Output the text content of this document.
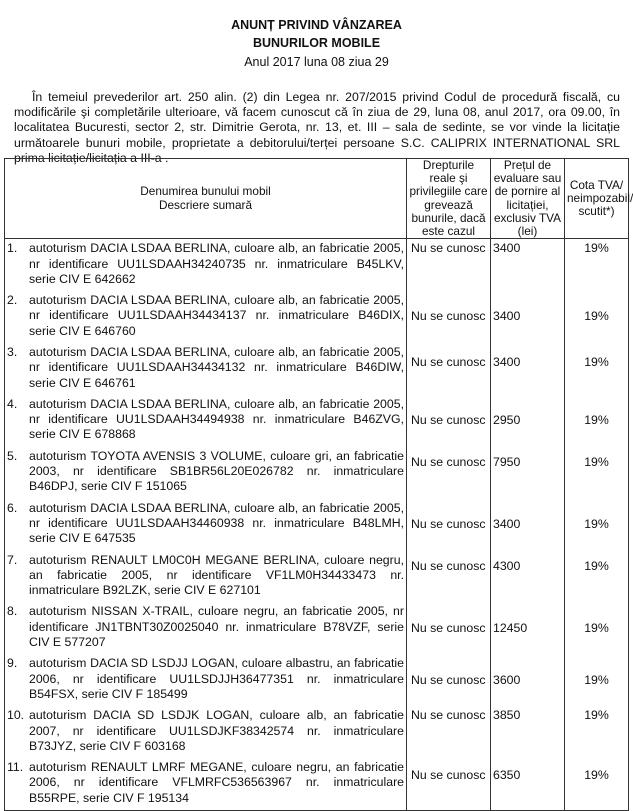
ANUNȚ PRIVIND VÂNZAREA
BUNURILOR MOBILE
Anul 2017 luna 08 ziua 29
În temeiul prevederilor art. 250 alin. (2) din Legea nr. 207/2015 privind Codul de procedură fiscală, cu modificările şi completările ulterioare, vă facem cunoscut că în ziua de 29, luna 08, anul 2017, ora 09.00, în localitatea Bucuresti, sector 2, str. Dimitrie Gerota, nr. 13, et. III – sala de sedinte, se vor vinde la licitație următoarele bunuri mobile, proprietate a debitorului/terței persoane S.C. CALIPRIX INTERNATIONAL SRL prima licitație/licitația a III-a .
Denumirea bunului mobil
Descriere sumară	Drepturile reale şi privilegiile care grevează bunurile, dacă este cazul	Prețul de evaluare sau de pornire al licitației, exclusiv TVA (lei)	Cota TVA/ neimpozabil/ scutit*)

1. autoturism DACIA LSDAA BERLINA, culoare alb, an fabricatie 2005, nr identificare UU1LSDAAH34240735 nr. inmatriculare B45LKV, serie CIV E 642662	Nu se cunosc	3400	19%

2. autoturism DACIA LSDAA BERLINA, culoare alb, an fabricatie 2005, nr identificare UU1LSDAAH34434137 nr. inmatriculare B46DIX, serie CIV E 646760	Nu se cunosc	3400	19%

3. autoturism DACIA LSDAA BERLINA, culoare alb, an fabricatie 2005, nr identificare UU1LSDAAH34434132 nr. inmatriculare B46DIW, serie CIV E 646761	Nu se cunosc	3400	19%

4. autoturism DACIA LSDAA BERLINA, culoare alb, an fabricatie 2005, nr identificare UU1LSDAAH34494938 nr. inmatriculare B46ZVG, serie CIV E 678868	Nu se cunosc	2950	19%

5. autoturism TOYOTA AVENSIS 3 VOLUME, culoare gri, an fabricatie 2003, nr identificare SB1BR56L20E026782 nr. inmatriculare B46DPJ, serie CIV F 151065	Nu se cunosc	7950	19%

6. autoturism DACIA LSDAA BERLINA, culoare alb, an fabricatie 2005, nr identificare UU1LSDAAH34460938 nr. inmatriculare B48LMH, serie CIV E 647535	Nu se cunosc	3400	19%

7. autoturism RENAULT LM0C0H MEGANE BERLINA, culoare negru, an fabricatie 2005, nr identificare VF1LM0H34433473 nr. inmatriculare B92LZK, serie CIV E 627101	Nu se cunosc	4300	19%

8. autoturism NISSAN X-TRAIL, culoare negru, an fabricatie 2005, nr identificare JN1TBNT30Z0025040 nr. inmatriculare B78VZF, serie CIV E 577207	Nu se cunosc	12450	19%

9. autoturism DACIA SD LSDJJ LOGAN, culoare albastru, an fabricatie 2006, nr identificare UU1LSDJJH36477351 nr. inmatriculare B54FSX, serie CIV F 185499	Nu se cunosc	3600	19%

10. autoturism DACIA SD LSDJK LOGAN, culoare alb, an fabricatie 2007, nr identificare UU1LSDJKF38342574 nr. inmatriculare B73JYZ, serie CIV F 603168	Nu se cunosc	3850	19%

11. autoturism RENAULT LMRF MEGANE, culoare negru, an fabricatie 2006, nr identificare VFLMRFC536563967 nr. inmatriculare B55RPE, serie CIV F 195134	Nu se cunosc	6350	19%
